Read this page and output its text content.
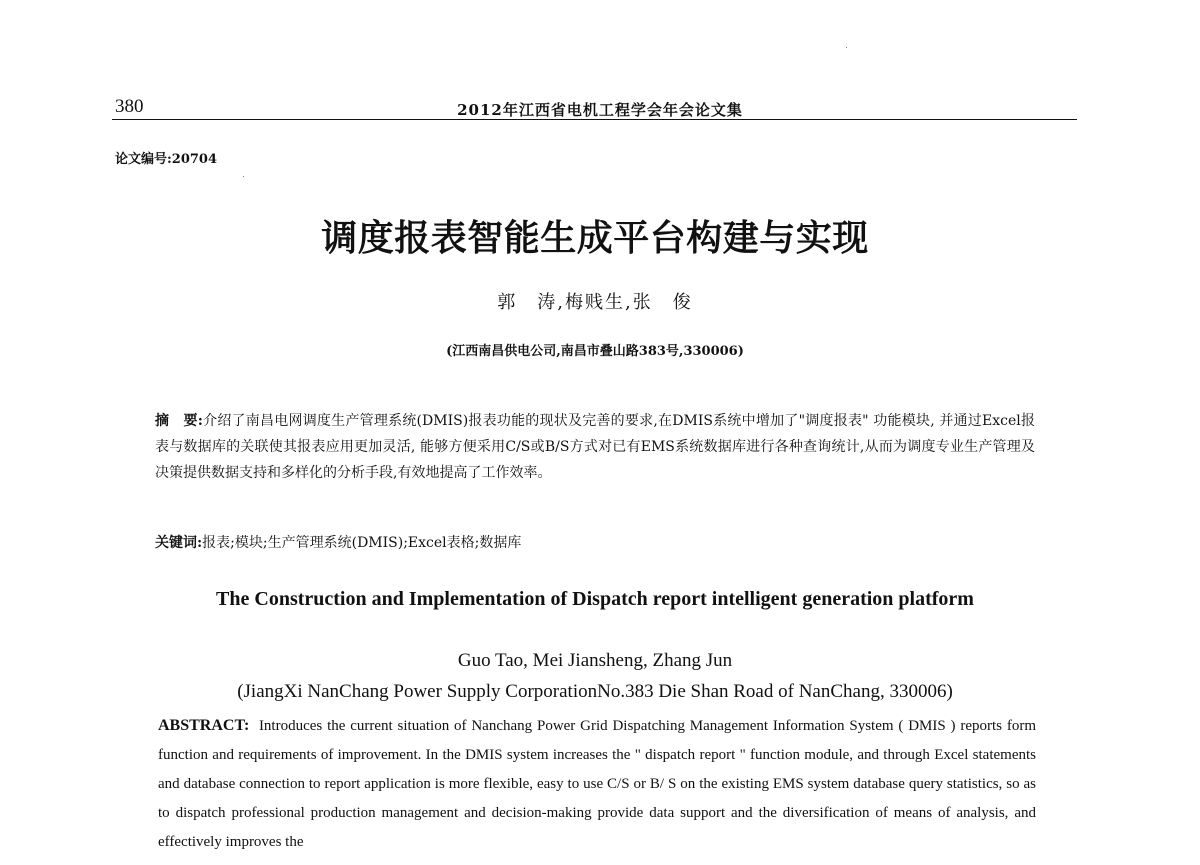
380	2012年江西省电机工程学会年会论文集
论文编号:20704
调度报表智能生成平台构建与实现
郭　涛,梅贱生,张　俊
(江西南昌供电公司,南昌市叠山路383号,330006)
摘　要:介绍了南昌电网调度生产管理系统(DMIS)报表功能的现状及完善的要求,在DMIS系统中增加了"调度报表" 功能模块, 并通过Excel报表与数据库的关联使其报表应用更加灵活, 能够方便采用C/S或B/S方式对已有EMS系统数据库进行各种查询统计,从而为调度专业生产管理及决策提供数据支持和多样化的分析手段,有效地提高了工作效率。
关键词:报表;模块;生产管理系统(DMIS);Excel表格;数据库
The Construction and Implementation of Dispatch report intelligent generation platform
Guo Tao, Mei Jiansheng, Zhang Jun
(JiangXi NanChang Power Supply CorporationNo.383 Die Shan Road of NanChang, 330006)
ABSTRACT: Introduces the current situation of Nanchang Power Grid Dispatching Management Information System ( DMIS ) reports form function and requirements of improvement. In the DMIS system increases the " dispatch report " function module, and through Excel statements and database connection to report application is more flexible, easy to use C/S or B/ S on the existing EMS system database query statistics, so as to dispatch professional production management and decision-making provide data support and the diversification of means of analysis, and effectively improves the
